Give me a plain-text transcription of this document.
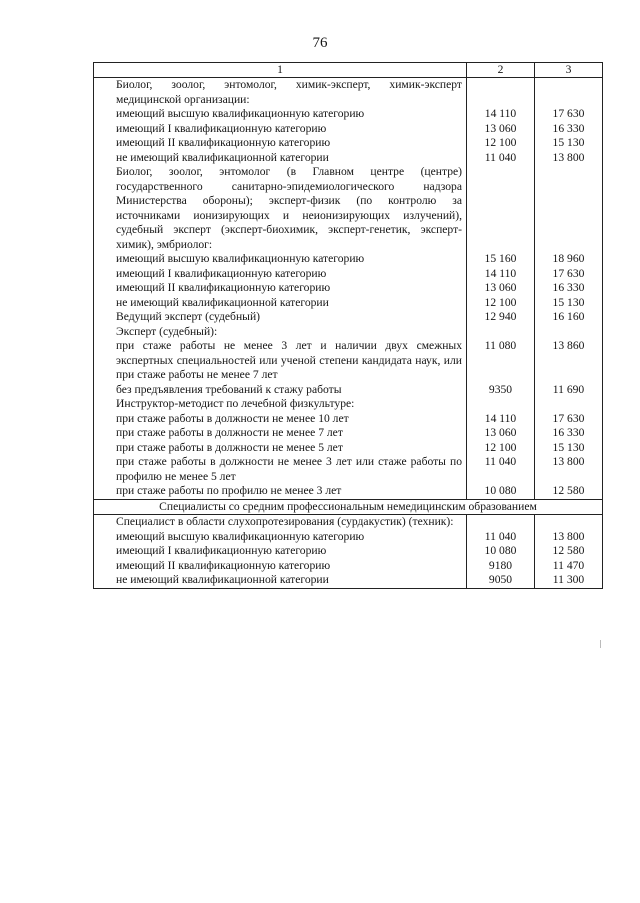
76
1	2	3
Биолог, зоолог, энтомолог, химик-эксперт, химик-эксперт медицинской организации:		
имеющий высшую квалификационную категорию	14 110	17 630
имеющий I квалификационную категорию	13 060	16 330
имеющий II квалификационную категорию	12 100	15 130
не имеющий квалификационной категории	11 040	13 800
Биолог, зоолог, энтомолог (в Главном центре (центре) государственного санитарно-эпидемиологического надзора Министерства обороны); эксперт-физик (по контролю за источниками ионизирующих и неионизирующих излучений), судебный эксперт (эксперт-биохимик, эксперт-генетик, эксперт-химик), эмбриолог:		
имеющий высшую квалификационную категорию	15 160	18 960
имеющий I квалификационную категорию	14 110	17 630
имеющий II квалификационную категорию	13 060	16 330
не имеющий квалификационной категории	12 100	15 130
Ведущий эксперт (судебный)	12 940	16 160
Эксперт (судебный):		
при стаже работы не менее 3 лет и наличии двух смежных экспертных специальностей или ученой степени кандидата наук, или при стаже работы не менее 7 лет	11 080	13 860
без предъявления требований к стажу работы	9350	11 690
Инструктор-методист по лечебной физкультуре:		
при стаже работы в должности не менее 10 лет	14 110	17 630
при стаже работы в должности не менее 7 лет	13 060	16 330
при стаже работы в должности не менее 5 лет	12 100	15 130
при стаже работы в должности не менее 3 лет или стаже работы по профилю не менее 5 лет	11 040	13 800
при стаже работы по профилю не менее 3 лет	10 080	12 580
Специалисты со средним профессиональным немедицинским образованием		
Специалист в области слухопротезирования (сурдакустик) (техник):		
имеющий высшую квалификационную категорию	11 040	13 800
имеющий I квалификационную категорию	10 080	12 580
имеющий II квалификационную категорию	9180	11 470
не имеющий квалификационной категории	9050	11 300
